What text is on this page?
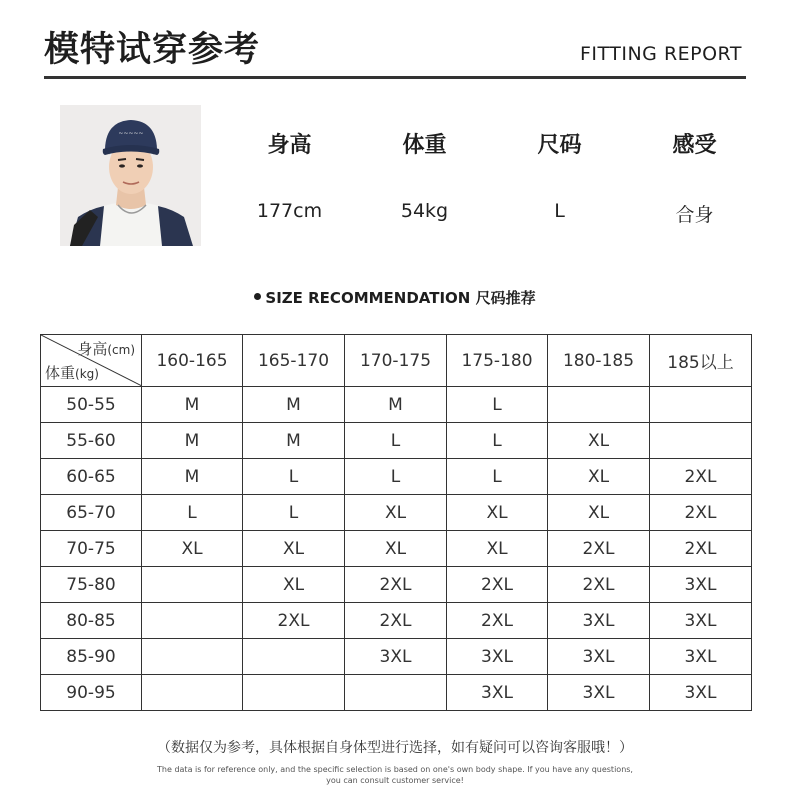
模特试穿参考	FITTING REPORT
~~~~~	身高	体重	尺码	感受
177cm	54kg	L	合身
SIZE RECOMMENDATION 尺码推荐
身高(cm)
体重(kg)	160-165	165-170	170-175	175-180	180-185	185以上
50-55	M	M	M	L		
55-60	M	M	L	L	XL	
60-65	M	L	L	L	XL	2XL
65-70	L	L	XL	XL	XL	2XL
70-75	XL	XL	XL	XL	2XL	2XL
75-80		XL	2XL	2XL	2XL	3XL
80-85		2XL	2XL	2XL	3XL	3XL
85-90			3XL	3XL	3XL	3XL
90-95				3XL	3XL	3XL
（数据仅为参考，具体根据自身体型进行选择，如有疑问可以咨询客服哦！）
The data is for reference only, and the specific selection is based on one's own body shape. If you have any questions,
you can consult customer service!
